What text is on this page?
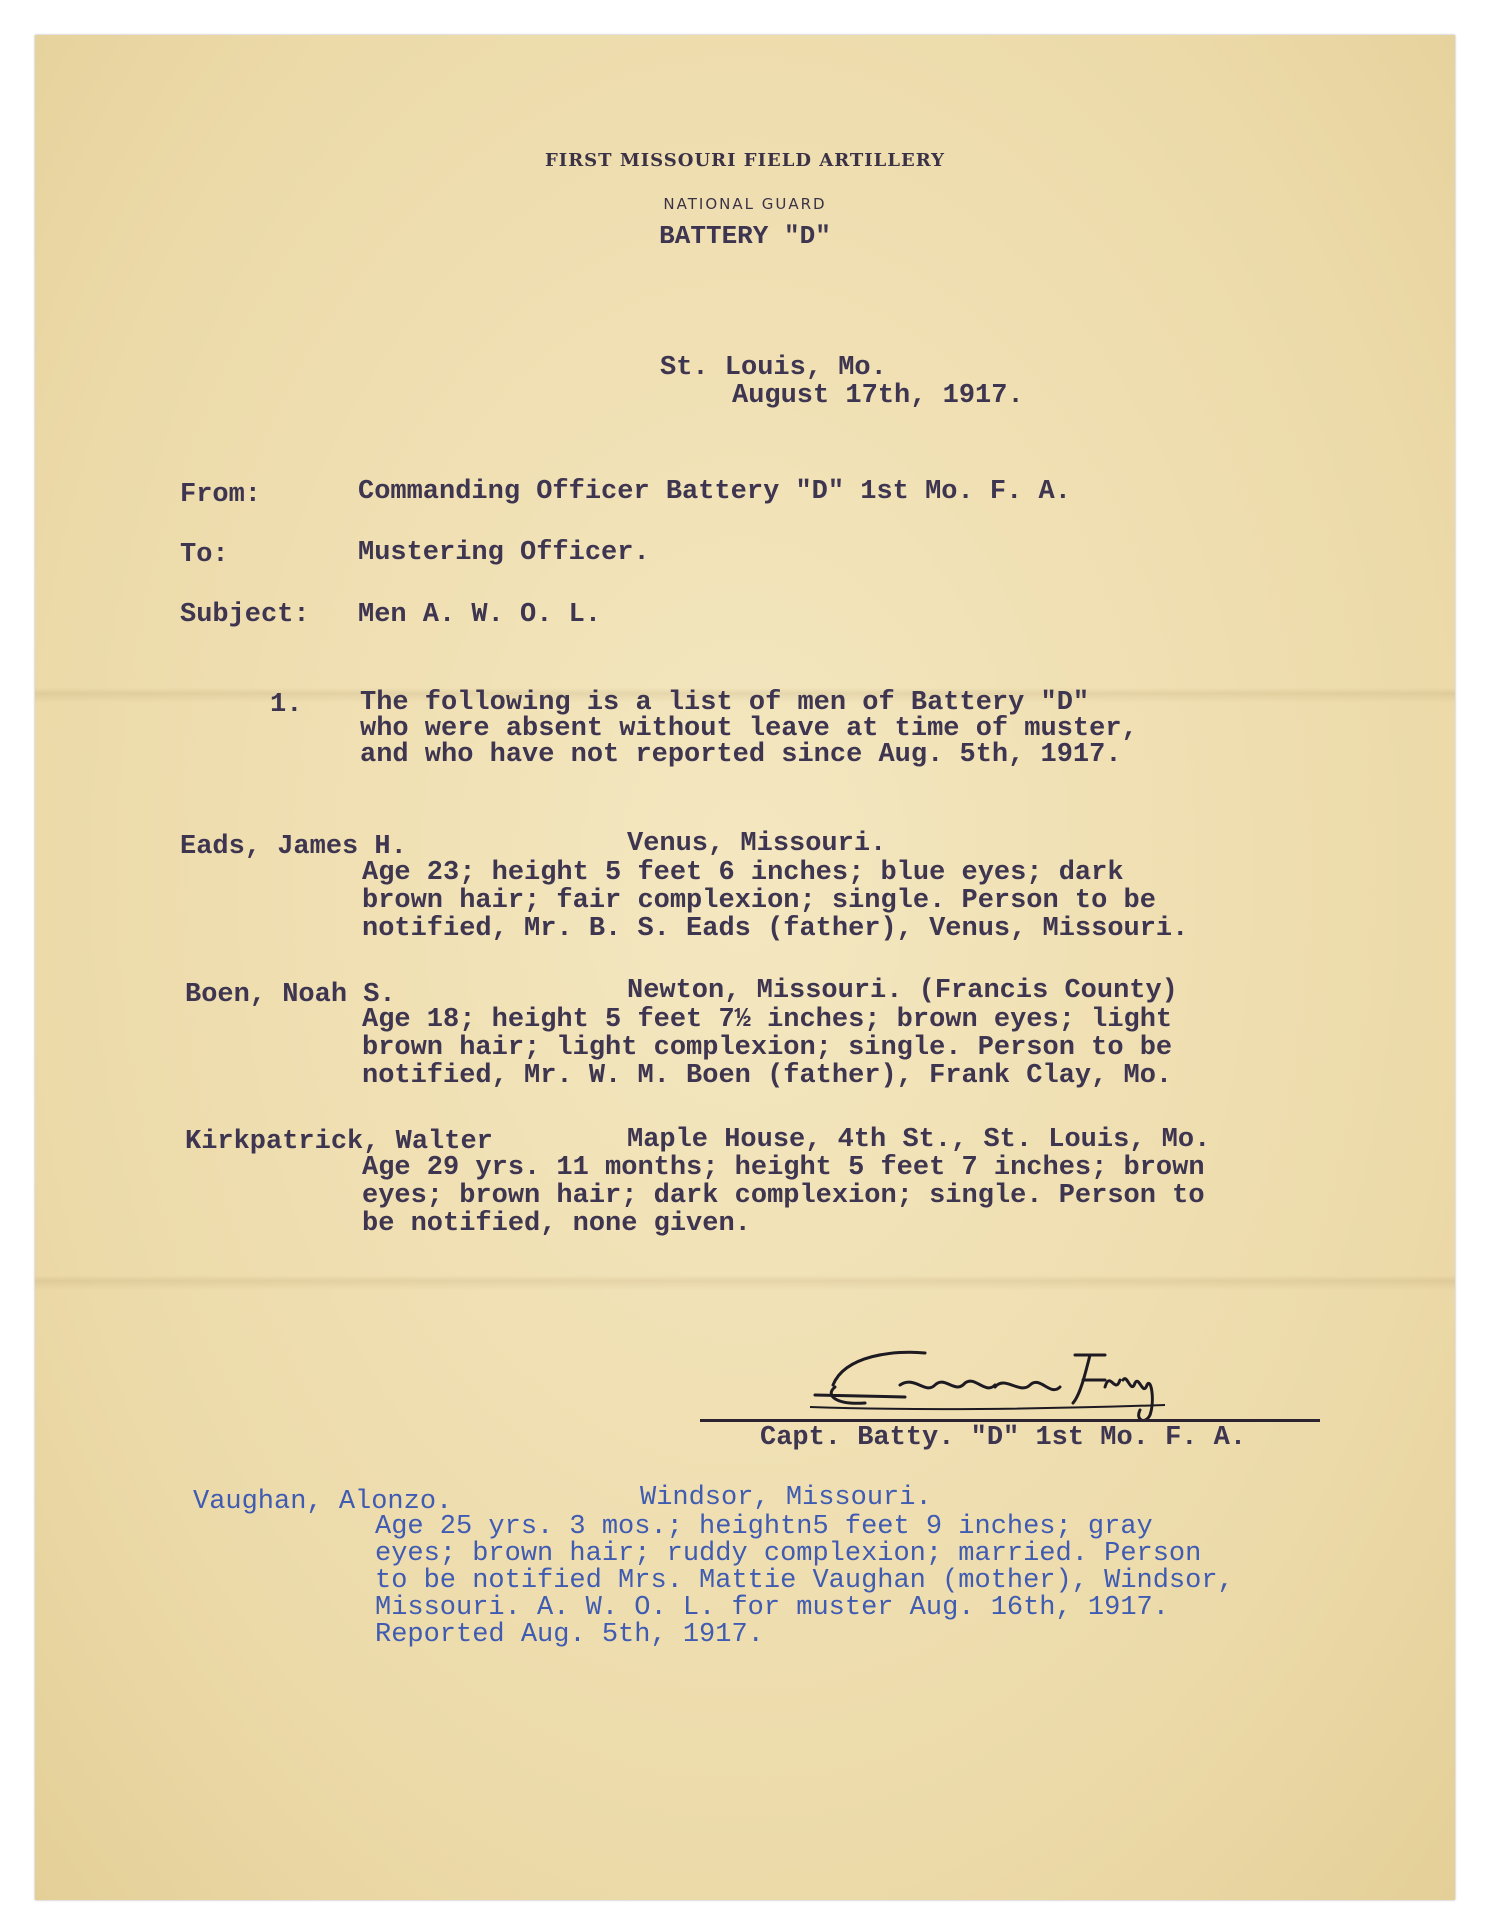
FIRST MISSOURI FIELD ARTILLERY
NATIONAL GUARD
BATTERY "D"
St. Louis, Mo.
August 17th, 1917.
From:	Commanding Officer Battery "D" 1st Mo. F. A.
To:	Mustering Officer.
Subject: Men A. W. O. L.
1. The following is a list of men of Battery "D"
who were absent without leave at time of muster,
and who have not reported since Aug. 5th, 1917.
Eads, James H.	Venus, Missouri.
Age 23; height 5 feet 6 inches; blue eyes; dark
brown hair; fair complexion; single. Person to be
notified, Mr. B. S. Eads (father), Venus, Missouri.
Boen, Noah S.	Newton, Missouri. (Francis County)
Age 18; height 5 feet 7½ inches; brown eyes; light
brown hair; light complexion; single. Person to be
notified, Mr. W. M. Boen (father), Frank Clay, Mo.
Kirkpatrick, Walter	Maple House, 4th St., St. Louis, Mo.
Age 29 yrs. 11 months; height 5 feet 7 inches; brown
eyes; brown hair; dark complexion; single. Person to
be notified, none given.
Capt. Batty. "D" 1st Mo. F. A.
Vaughan, Alonzo.	Windsor, Missouri.
Age 25 yrs. 3 mos.; heightn5 feet 9 inches; gray
eyes; brown hair; ruddy complexion; married. Person
to be notified Mrs. Mattie Vaughan (mother), Windsor,
Missouri. A. W. O. L. for muster Aug. 16th, 1917.
Reported Aug. 5th, 1917.
